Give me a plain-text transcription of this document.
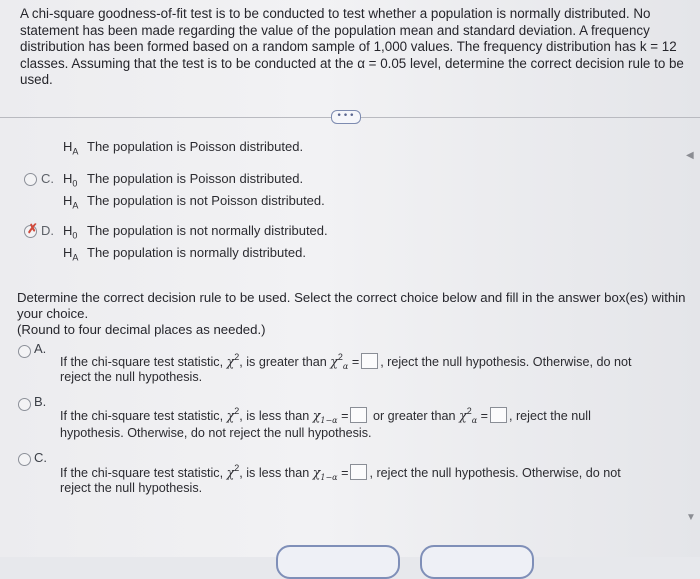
A chi-square goodness-of-fit test is to be conducted to test whether a population is normally distributed. No statement has been made regarding the value of the population mean and standard deviation. A frequency distribution has been formed based on a random sample of 1,000 values. The frequency distribution has k = 12 classes. Assuming that the test is to be conducted at the α = 0.05 level, determine the correct decision rule to be used.
•••
◀
▼
$H_A$ The population is Poisson distributed.
C. $H_0$ The population is Poisson distributed.
$H_A$ The population is not Poisson distributed.
✗ D. $H_0$ The population is not normally distributed.
$H_A$ The population is normally distributed.
Determine the correct decision rule to be used. Select the correct choice below and fill in the answer box(es) within your choice.
(Round to four decimal places as needed.)
A.
If the chi-square test statistic, $\chi^2$, is greater than $\chi^2_\alpha$ = , reject the null hypothesis. Otherwise, do not
reject the null hypothesis.
B.
If the chi-square test statistic, $\chi^2$, is less than $\chi_{1-\alpha}$ = or greater than $\chi^2_\alpha$ = , reject the null
hypothesis. Otherwise, do not reject the null hypothesis.
C.
If the chi-square test statistic, $\chi^2$, is less than $\chi_{1-\alpha}$ = , reject the null hypothesis. Otherwise, do not
reject the null hypothesis.
